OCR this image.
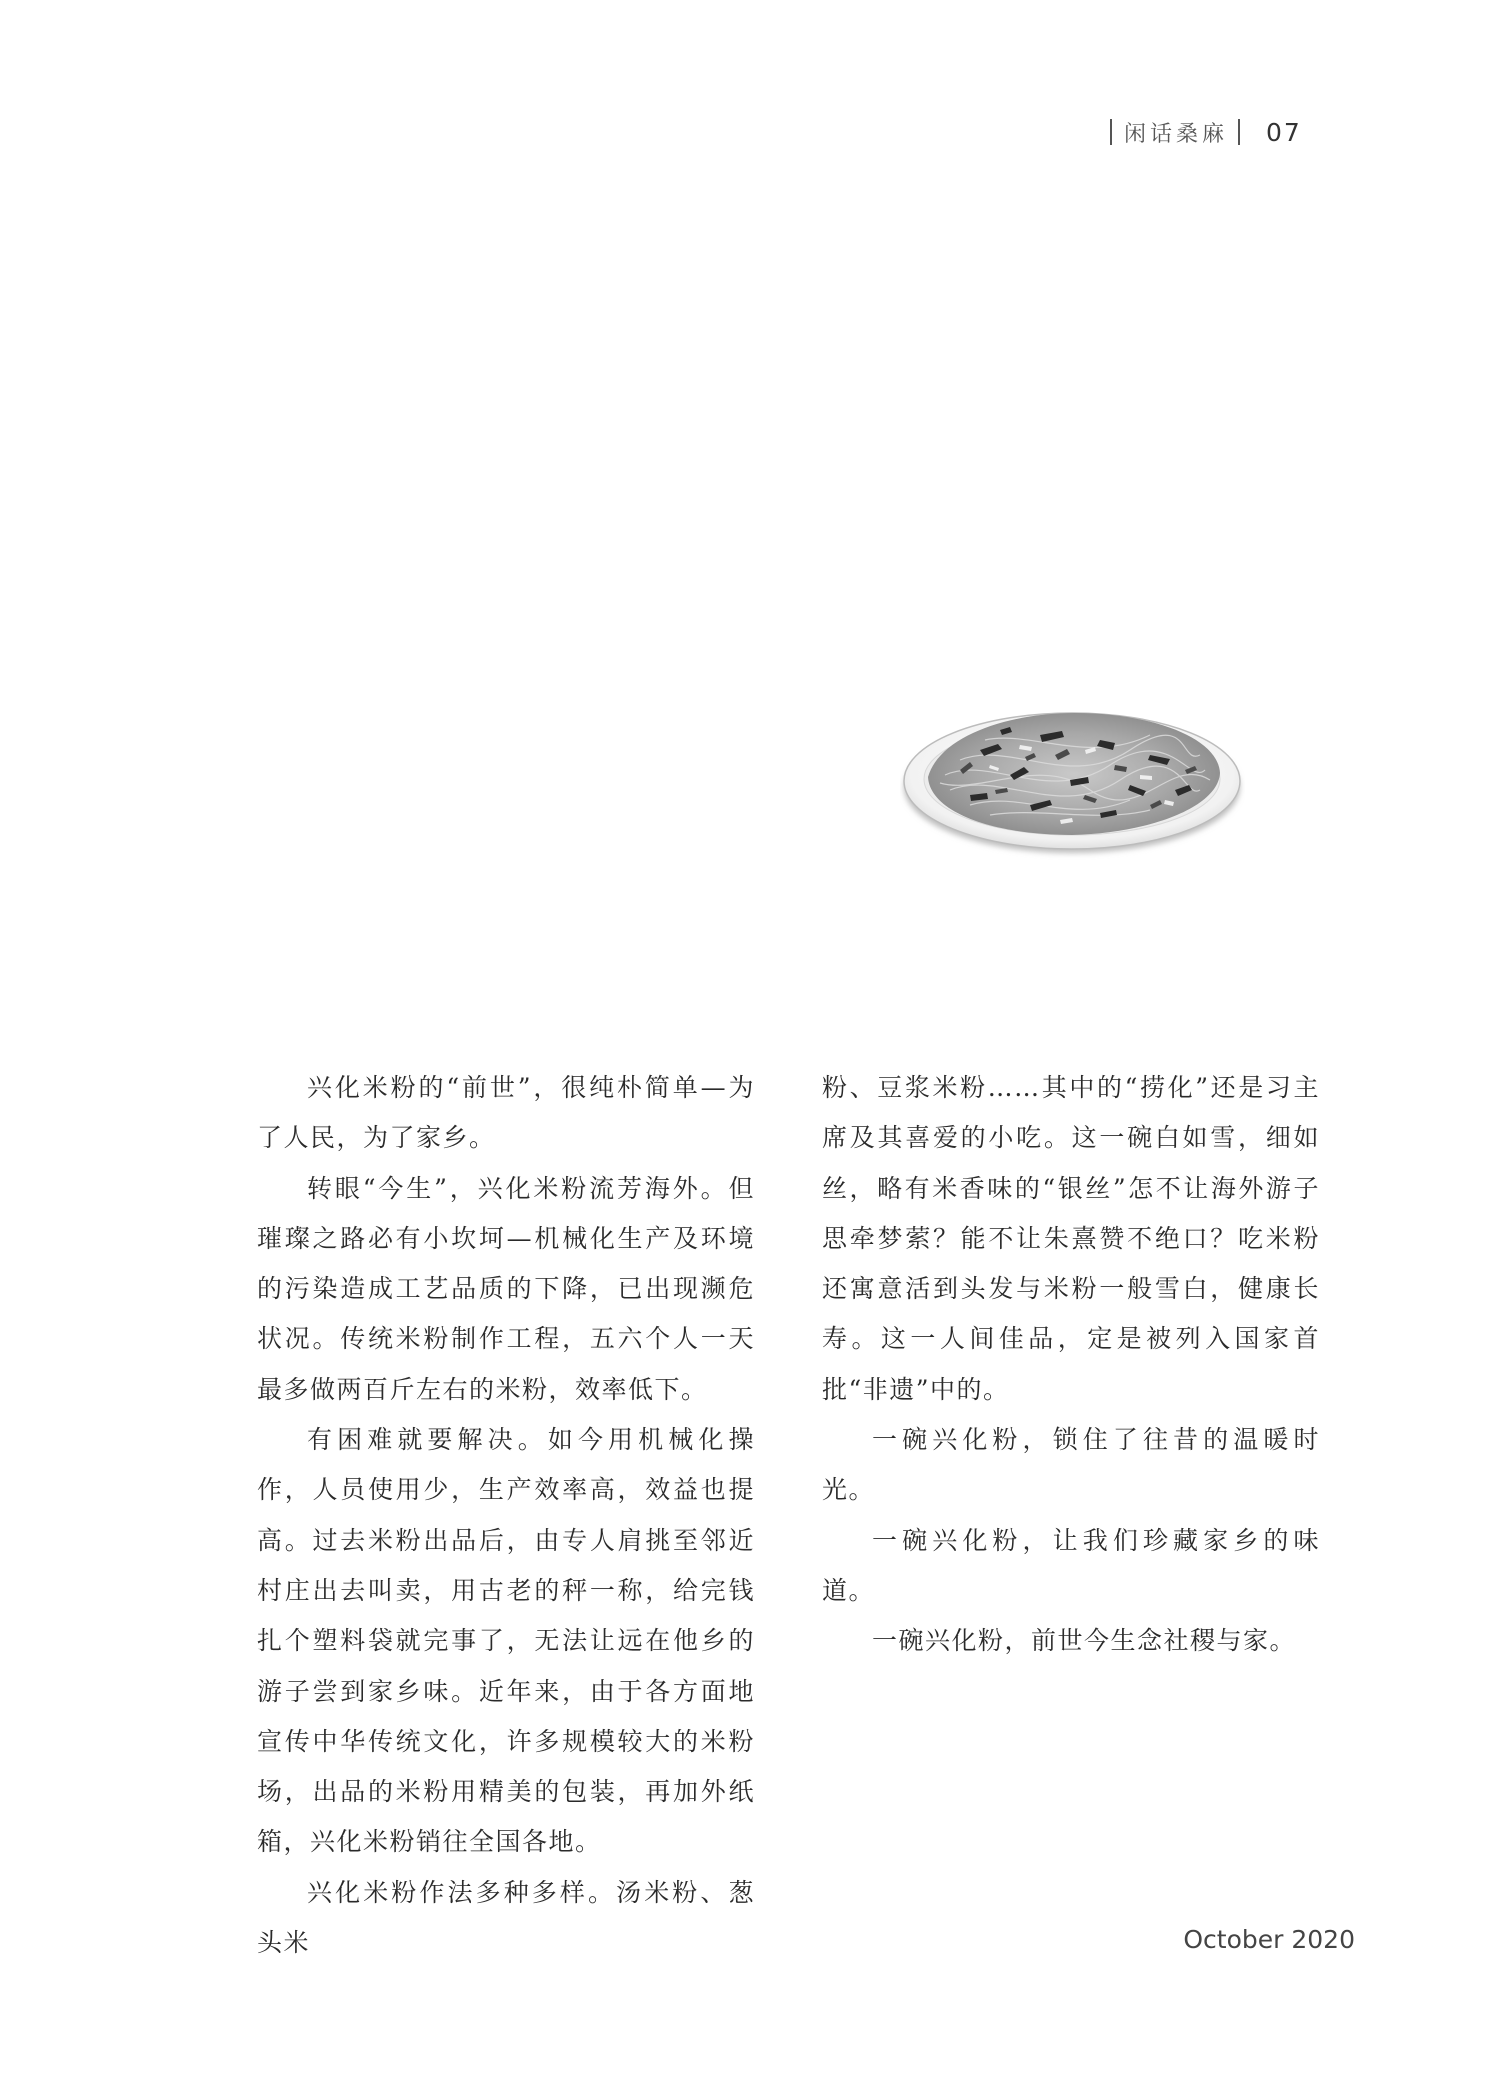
闲话桑麻 07

兴化米粉的“前世”，很纯朴简单—为了人民，为了家乡。

转眼“今生”，兴化米粉流芳海外。但璀璨之路必有小坎坷—机械化生产及环境的污染造成工艺品质的下降，已出现濒危状况。传统米粉制作工程，五六个人一天最多做两百斤左右的米粉，效率低下。

有困难就要解决。如今用机械化操作，人员使用少，生产效率高，效益也提高。过去米粉出品后，由专人肩挑至邻近村庄出去叫卖，用古老的秤一称，给完钱扎个塑料袋就完事了，无法让远在他乡的游子尝到家乡味。近年来，由于各方面地宣传中华传统文化，许多规模较大的米粉场，出品的米粉用精美的包装，再加外纸箱，兴化米粉销往全国各地。

兴化米粉作法多种多样。汤米粉、葱头米

粉、豆浆米粉……其中的“捞化”还是习主席及其喜爱的小吃。这一碗白如雪，细如丝，略有米香味的“银丝”怎不让海外游子思牵梦萦？能不让朱熹赞不绝口？吃米粉还寓意活到头发与米粉一般雪白，健康长寿。这一人间佳品，定是被列入国家首批“非遗”中的。

一碗兴化粉，锁住了往昔的温暖时光。

一碗兴化粉，让我们珍藏家乡的味道。

一碗兴化粉，前世今生念社稷与家。

October 2020
